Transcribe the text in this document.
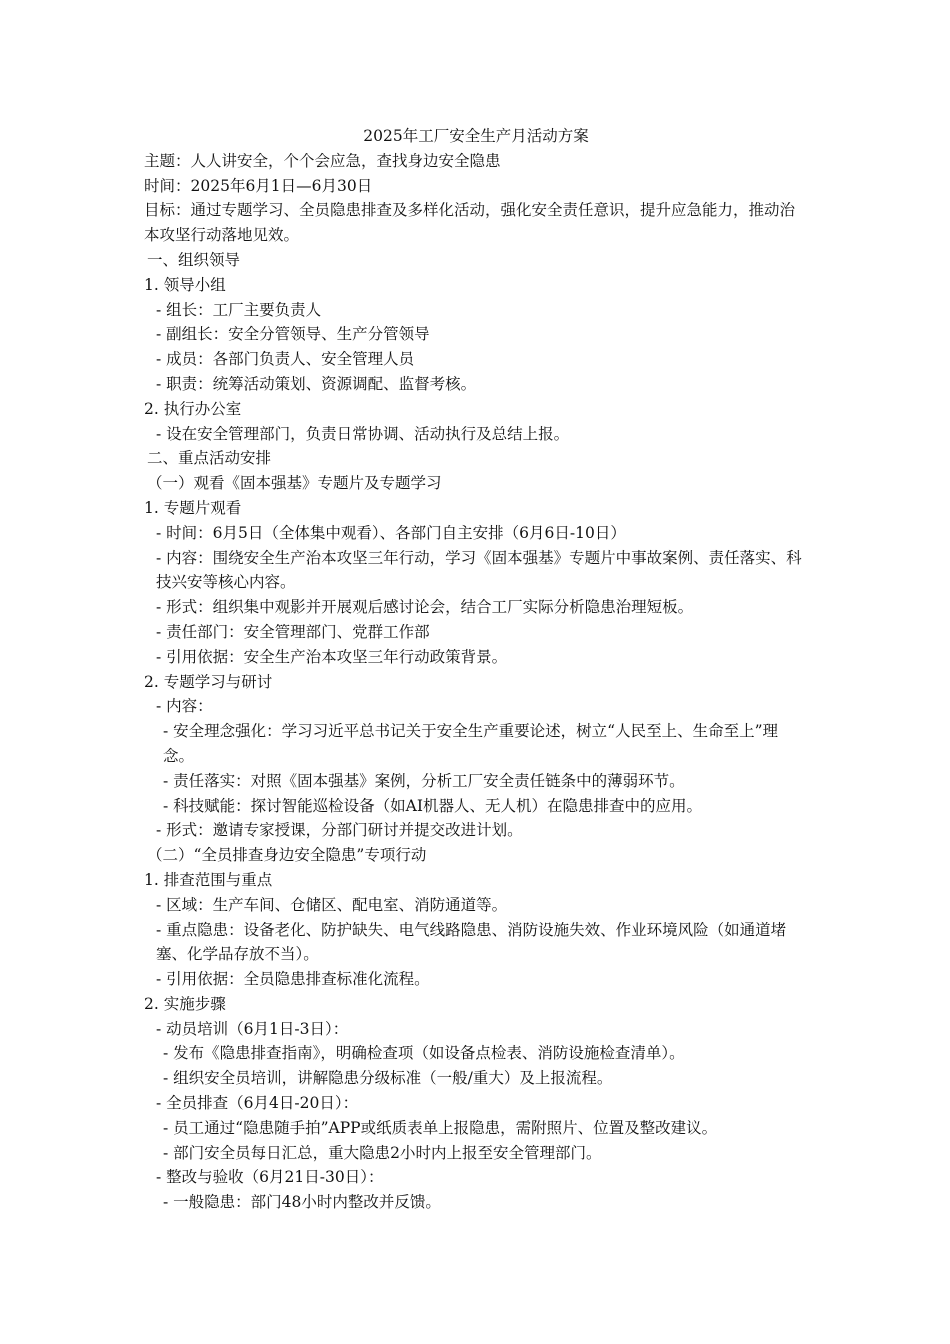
2025年工厂安全生产月活动方案
主题：人人讲安全，个个会应急，查找身边安全隐患
时间：2025年6月1日—6月30日
目标：通过专题学习、全员隐患排查及多样化活动，强化安全责任意识，提升应急能力，推动治本攻坚行动落地见效。
一、组织领导
1. 领导小组
- 组长：工厂主要负责人
- 副组长：安全分管领导、生产分管领导
- 成员：各部门负责人、安全管理人员
- 职责：统筹活动策划、资源调配、监督考核。
2. 执行办公室
- 设在安全管理部门，负责日常协调、活动执行及总结上报。
二、重点活动安排
（一）观看《固本强基》专题片及专题学习
1. 专题片观看
- 时间：6月5日（全体集中观看）、各部门自主安排（6月6日-10日）
- 内容：围绕安全生产治本攻坚三年行动，学习《固本强基》专题片中事故案例、责任落实、科技兴安等核心内容。
- 形式：组织集中观影并开展观后感讨论会，结合工厂实际分析隐患治理短板。
- 责任部门：安全管理部门、党群工作部
- 引用依据：安全生产治本攻坚三年行动政策背景。
2. 专题学习与研讨
- 内容：
- 安全理念强化：学习习近平总书记关于安全生产重要论述，树立“人民至上、生命至上”理念。
- 责任落实：对照《固本强基》案例，分析工厂安全责任链条中的薄弱环节。
- 科技赋能：探讨智能巡检设备（如AI机器人、无人机）在隐患排查中的应用。
- 形式：邀请专家授课，分部门研讨并提交改进计划。
（二）“全员排查身边安全隐患”专项行动
1. 排查范围与重点
- 区域：生产车间、仓储区、配电室、消防通道等。
- 重点隐患：设备老化、防护缺失、电气线路隐患、消防设施失效、作业环境风险（如通道堵塞、化学品存放不当）。
- 引用依据：全员隐患排查标准化流程。
2. 实施步骤
- 动员培训（6月1日-3日）：
- 发布《隐患排查指南》，明确检查项（如设备点检表、消防设施检查清单）。
- 组织安全员培训，讲解隐患分级标准（一般/重大）及上报流程。
- 全员排查（6月4日-20日）：
- 员工通过“隐患随手拍”APP或纸质表单上报隐患，需附照片、位置及整改建议。
- 部门安全员每日汇总，重大隐患2小时内上报至安全管理部门。
- 整改与验收（6月21日-30日）：
- 一般隐患：部门48小时内整改并反馈。
